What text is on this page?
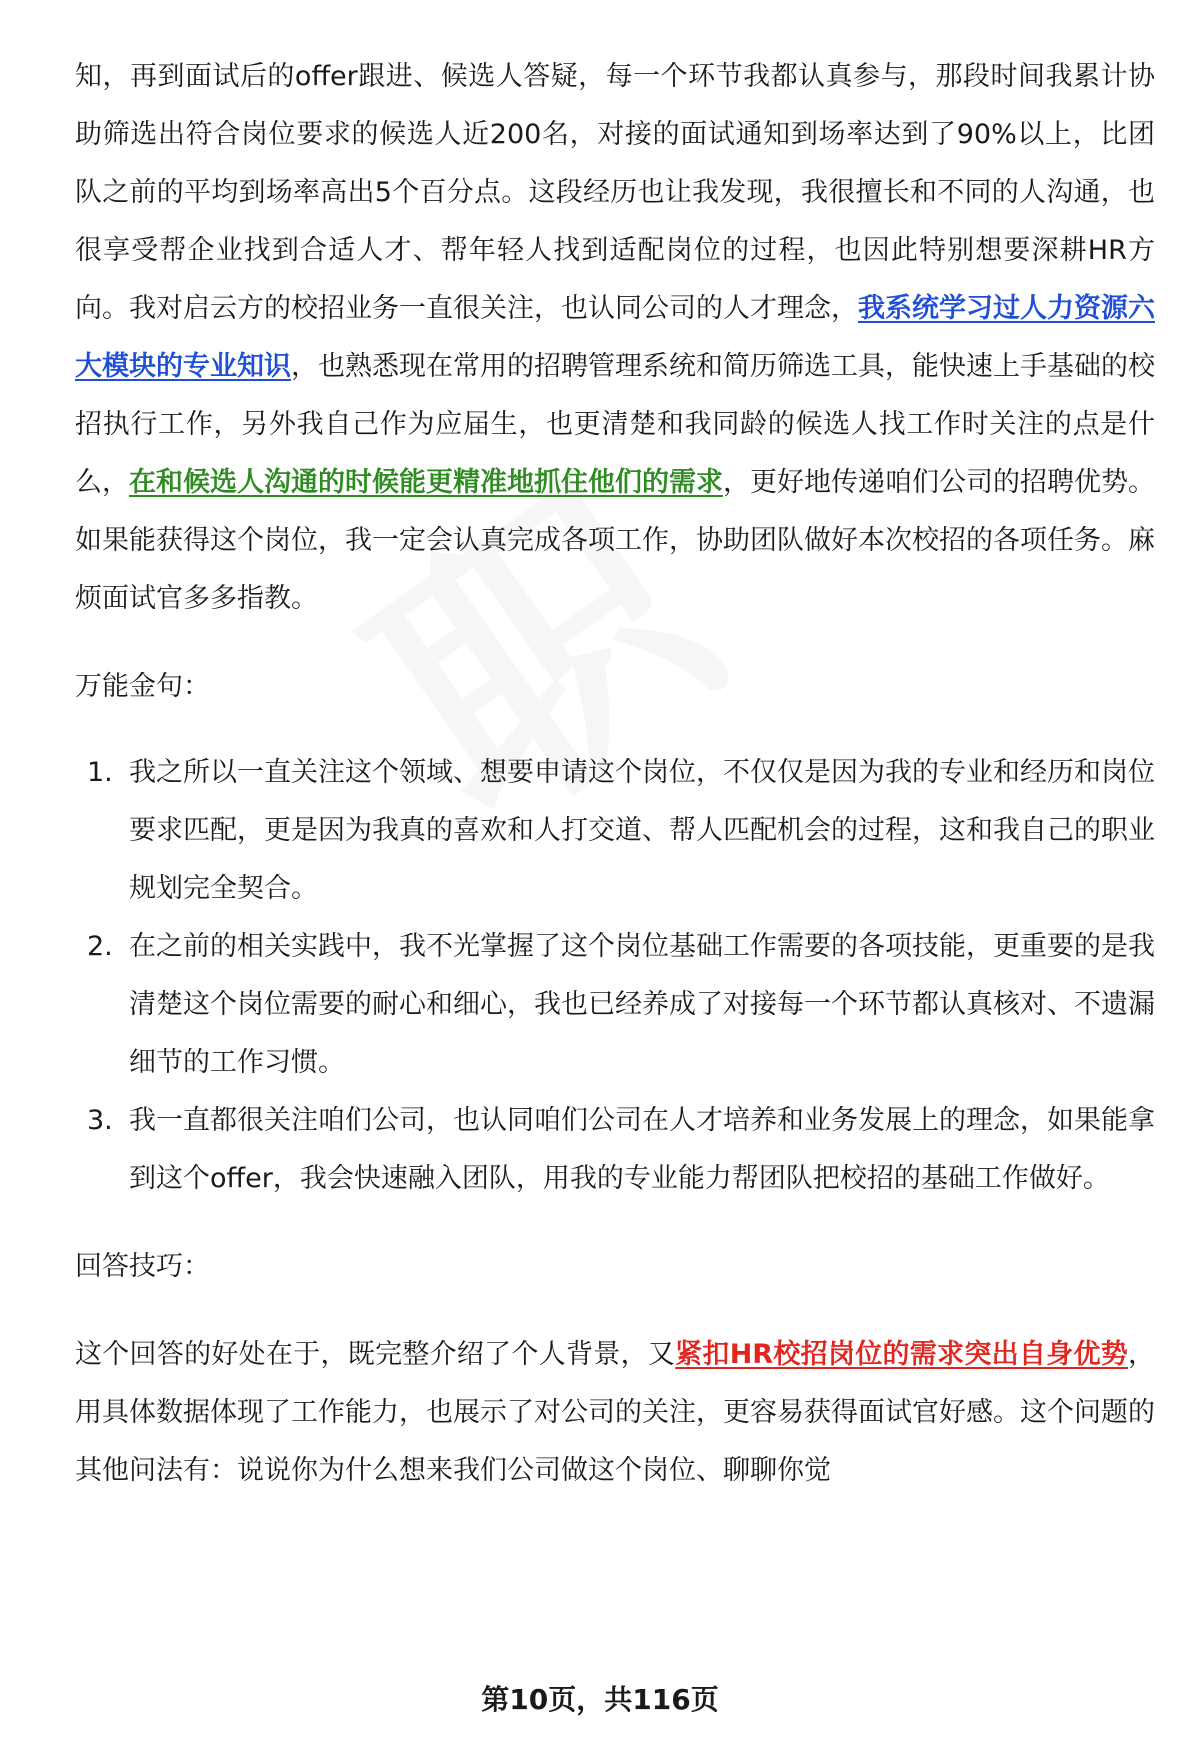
知，再到面试后的offer跟进、候选人答疑，每一个环节我都认真参与，那段时间我累计协助筛选出符合岗位要求的候选人近200名，对接的面试通知到场率达到了90%以上，比团队之前的平均到场率高出5个百分点。这段经历也让我发现，我很擅长和不同的人沟通，也很享受帮企业找到合适人才、帮年轻人找到适配岗位的过程，也因此特别想要深耕HR方向。我对启云方的校招业务一直很关注，也认同公司的人才理念，我系统学习过人力资源六大模块的专业知识，也熟悉现在常用的招聘管理系统和简历筛选工具，能快速上手基础的校招执行工作，另外我自己作为应届生，也更清楚和我同龄的候选人找工作时关注的点是什么，在和候选人沟通的时候能更精准地抓住他们的需求，更好地传递咱们公司的招聘优势。如果能获得这个岗位，我一定会认真完成各项工作，协助团队做好本次校招的各项任务。麻烦面试官多多指教。

万能金句：

1. 我之所以一直关注这个领域、想要申请这个岗位，不仅仅是因为我的专业和经历和岗位要求匹配，更是因为我真的喜欢和人打交道、帮人匹配机会的过程，这和我自己的职业规划完全契合。
2. 在之前的相关实践中，我不光掌握了这个岗位基础工作需要的各项技能，更重要的是我清楚这个岗位需要的耐心和细心，我也已经养成了对接每一个环节都认真核对、不遗漏细节的工作习惯。
3. 我一直都很关注咱们公司，也认同咱们公司在人才培养和业务发展上的理念，如果能拿到这个offer，我会快速融入团队，用我的专业能力帮团队把校招的基础工作做好。

回答技巧：

这个回答的好处在于，既完整介绍了个人背景，又紧扣HR校招岗位的需求突出自身优势，用具体数据体现了工作能力，也展示了对公司的关注，更容易获得面试官好感。这个问题的其他问法有：说说你为什么想来我们公司做这个岗位、聊聊你觉

第10页，共116页
